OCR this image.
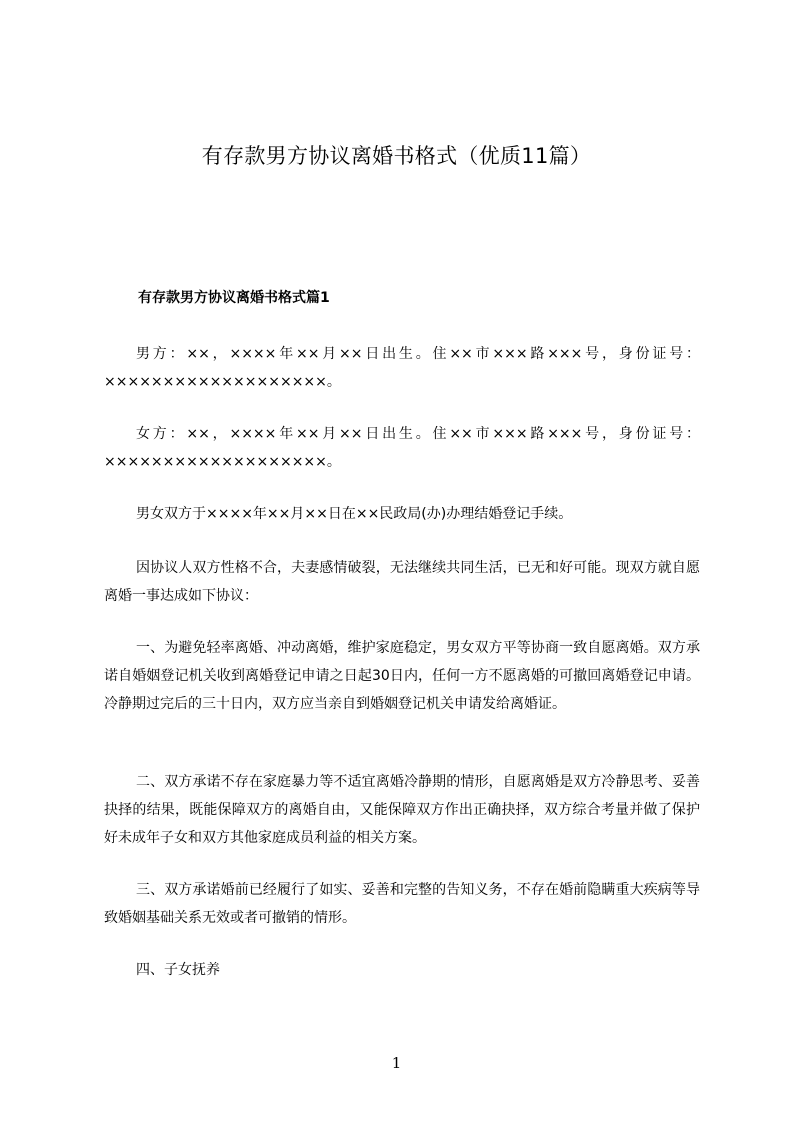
有存款男方协议离婚书格式（优质11篇）
有存款男方协议离婚书格式篇1

男方：××，××××年××月××日出生。住××市×××路×××号，身份证号：×××××××××××××××××××。

女方：××，××××年××月××日出生。住××市×××路×××号，身份证号：×××××××××××××××××××。

男女双方于××××年××月××日在××民政局(办)办理结婚登记手续。

因协议人双方性格不合，夫妻感情破裂，无法继续共同生活，已无和好可能。现双方就自愿离婚一事达成如下协议：

一、为避免轻率离婚、冲动离婚，维护家庭稳定，男女双方平等协商一致自愿离婚。双方承诺自婚姻登记机关收到离婚登记申请之日起30日内，任何一方不愿离婚的可撤回离婚登记申请。冷静期过完后的三十日内，双方应当亲自到婚姻登记机关申请发给离婚证。

二、双方承诺不存在家庭暴力等不适宜离婚冷静期的情形，自愿离婚是双方冷静思考、妥善抉择的结果，既能保障双方的离婚自由，又能保障双方作出正确抉择，双方综合考量并做了保护好未成年子女和双方其他家庭成员利益的相关方案。

三、双方承诺婚前已经履行了如实、妥善和完整的告知义务，不存在婚前隐瞒重大疾病等导致婚姻基础关系无效或者可撤销的情形。

四、子女抚养

1
